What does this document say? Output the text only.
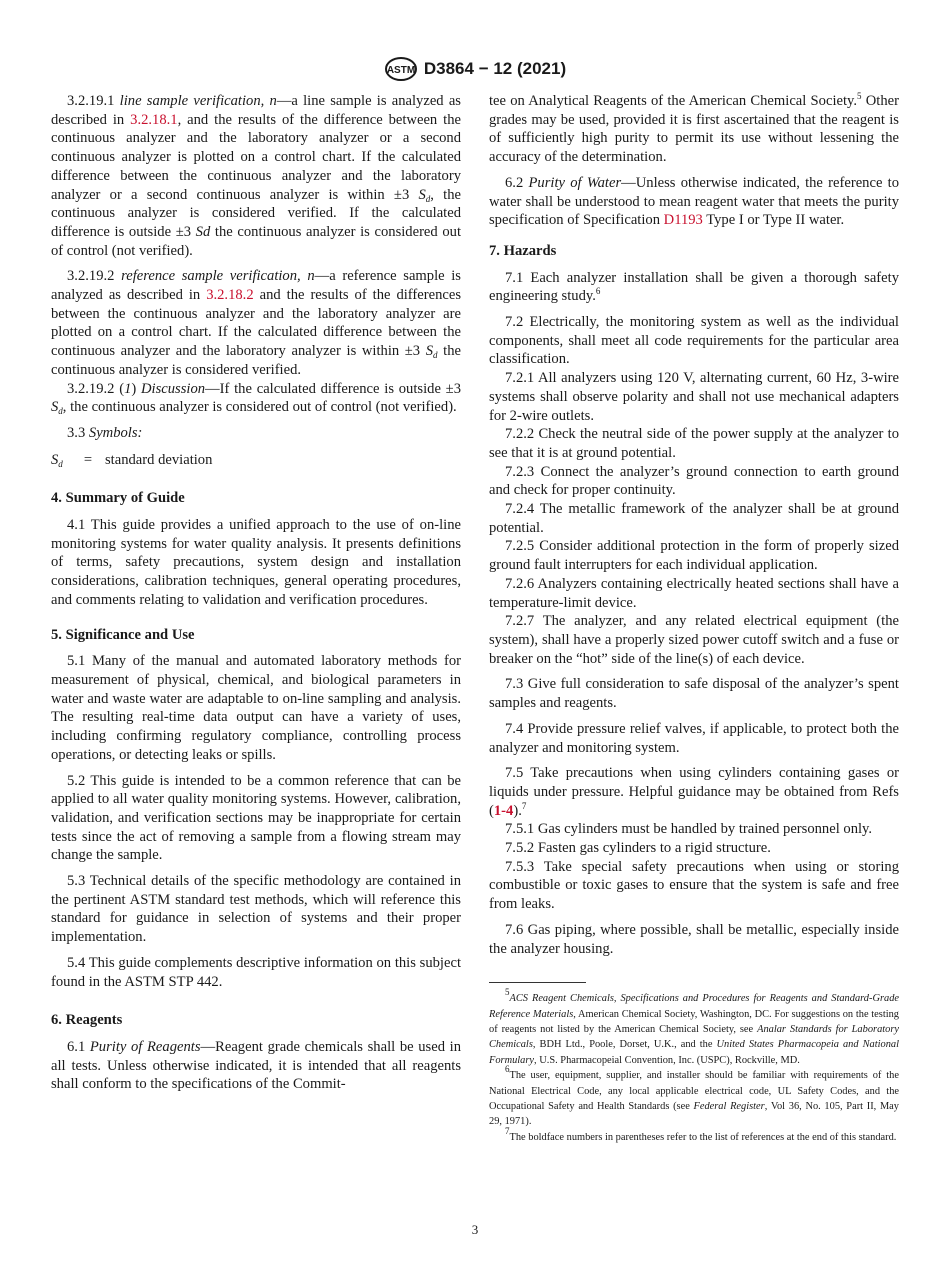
ASTM D3864 − 12 (2021)

3.2.19.1 line sample verification, n—a line sample is analyzed as described in 3.2.18.1, and the results of the difference between the continuous analyzer and the laboratory analyzer or a second continuous analyzer is plotted on a control chart. If the calculated difference between the continuous analyzer and the laboratory analyzer or a second continuous analyzer is within ±3 $S_d$, the continuous analyzer is considered verified. If the calculated difference is outside ±3 Sd the continuous analyzer is considered out of control (not verified).

3.2.19.2 reference sample verification, n—a reference sample is analyzed as described in 3.2.18.2 and the results of the differences between the continuous analyzer and the laboratory analyzer are plotted on a control chart. If the calculated difference between the continuous analyzer and the laboratory analyzer is within ±3 $S_d$ the continuous analyzer is considered verified.

3.2.19.2 (1) Discussion—If the calculated difference is outside ±3 $S_d$, the continuous analyzer is considered out of control (not verified).

3.3 Symbols:

$S_d$	= standard deviation
4. Summary of Guide

4.1 This guide provides a unified approach to the use of on-line monitoring systems for water quality analysis. It presents definitions of terms, safety precautions, system design and installation considerations, calibration techniques, general operating procedures, and comments relating to validation and verification procedures.

5. Significance and Use

5.1 Many of the manual and automated laboratory methods for measurement of physical, chemical, and biological parameters in water and waste water are adaptable to on-line sampling and analysis. The resulting real-time data output can have a variety of uses, including confirming regulatory compliance, controlling process operations, or detecting leaks or spills.

5.2 This guide is intended to be a common reference that can be applied to all water quality monitoring systems. However, calibration, validation, and verification sections may be inappropriate for certain tests since the act of removing a sample from a flowing stream may change the sample.

5.3 Technical details of the specific methodology are contained in the pertinent ASTM standard test methods, which will reference this standard for guidance in selection of systems and their proper implementation.

5.4 This guide complements descriptive information on this subject found in the ASTM STP 442.

6. Reagents

6.1 Purity of Reagents—Reagent grade chemicals shall be used in all tests. Unless otherwise indicated, it is intended that all reagents shall conform to the specifications of the Commit-

tee on Analytical Reagents of the American Chemical Society.$^5$ Other grades may be used, provided it is first ascertained that the reagent is of sufficiently high purity to permit its use without lessening the accuracy of the determination.

6.2 Purity of Water—Unless otherwise indicated, the reference to water shall be understood to mean reagent water that meets the purity specification of Specification D1193 Type I or Type II water.

7. Hazards

7.1 Each analyzer installation shall be given a thorough safety engineering study.$^6$

7.2 Electrically, the monitoring system as well as the individual components, shall meet all code requirements for the particular area classification.

7.2.1 All analyzers using 120 V, alternating current, 60 Hz, 3-wire systems shall observe polarity and shall not use mechanical adapters for 2-wire outlets.

7.2.2 Check the neutral side of the power supply at the analyzer to see that it is at ground potential.

7.2.3 Connect the analyzer’s ground connection to earth ground and check for proper continuity.

7.2.4 The metallic framework of the analyzer shall be at ground potential.

7.2.5 Consider additional protection in the form of properly sized ground fault interrupters for each individual application.

7.2.6 Analyzers containing electrically heated sections shall have a temperature-limit device.

7.2.7 The analyzer, and any related electrical equipment (the system), shall have a properly sized power cutoff switch and a fuse or breaker on the “hot” side of the line(s) of each device.

7.3 Give full consideration to safe disposal of the analyzer’s spent samples and reagents.

7.4 Provide pressure relief valves, if applicable, to protect both the analyzer and monitoring system.

7.5 Take precautions when using cylinders containing gases or liquids under pressure. Helpful guidance may be obtained from Refs (1-4).$^7$

7.5.1 Gas cylinders must be handled by trained personnel only.

7.5.2 Fasten gas cylinders to a rigid structure.

7.5.3 Take special safety precautions when using or storing combustible or toxic gases to ensure that the system is safe and free from leaks.

7.6 Gas piping, where possible, shall be metallic, especially inside the analyzer housing.

$^5$ACS Reagent Chemicals, Specifications and Procedures for Reagents and Standard-Grade Reference Materials, American Chemical Society, Washington, DC. For suggestions on the testing of reagents not listed by the American Chemical Society, see Analar Standards for Laboratory Chemicals, BDH Ltd., Poole, Dorset, U.K., and the United States Pharmacopeia and National Formulary, U.S. Pharmacopeial Convention, Inc. (USPC), Rockville, MD.

$^6$The user, equipment, supplier, and installer should be familiar with requirements of the National Electrical Code, any local applicable electrical code, UL Safety Codes, and the Occupational Safety and Health Standards (see Federal Register, Vol 36, No. 105, Part II, May 29, 1971).

$^7$The boldface numbers in parentheses refer to the list of references at the end of this standard.

3
